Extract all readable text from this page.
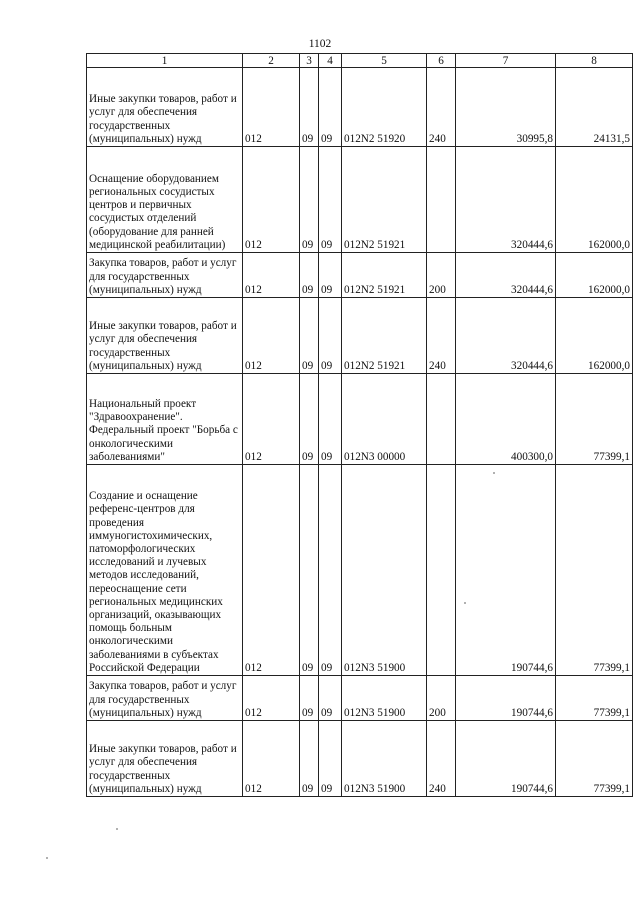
1102
1	2	3	4	5	6	7	8
Иные закупки товаров, работ и услуг для обеспечения государственных (муниципальных) нужд	012	09	09	012N2 51920	240	30995,8	24131,5
Оснащение оборудованием региональных сосудистых центров и первичных сосудистых отделений (оборудование для ранней медицинской реабилитации)	012	09	09	012N2 51921		320444,6	162000,0
Закупка товаров, работ и услуг для государственных (муниципальных) нужд	012	09	09	012N2 51921	200	320444,6	162000,0
Иные закупки товаров, работ и услуг для обеспечения государственных (муниципальных) нужд	012	09	09	012N2 51921	240	320444,6	162000,0
Национальный проект "Здравоохранение". Федеральный проект "Борьба с онкологическими заболеваниями"	012	09	09	012N3 00000		400300,0	77399,1
Создание и оснащение референс-центров для проведения иммуногистохимических, патоморфологических исследований и лучевых методов исследований, переоснащение сети региональных медицинских организаций, оказывающих помощь больным онкологическими заболеваниями в субъектах Российской Федерации	012	09	09	012N3 51900		190744,6	77399,1
Закупка товаров, работ и услуг для государственных (муниципальных) нужд	012	09	09	012N3 51900	200	190744,6	77399,1
Иные закупки товаров, работ и услуг для обеспечения государственных (муниципальных) нужд	012	09	09	012N3 51900	240	190744,6	77399,1
